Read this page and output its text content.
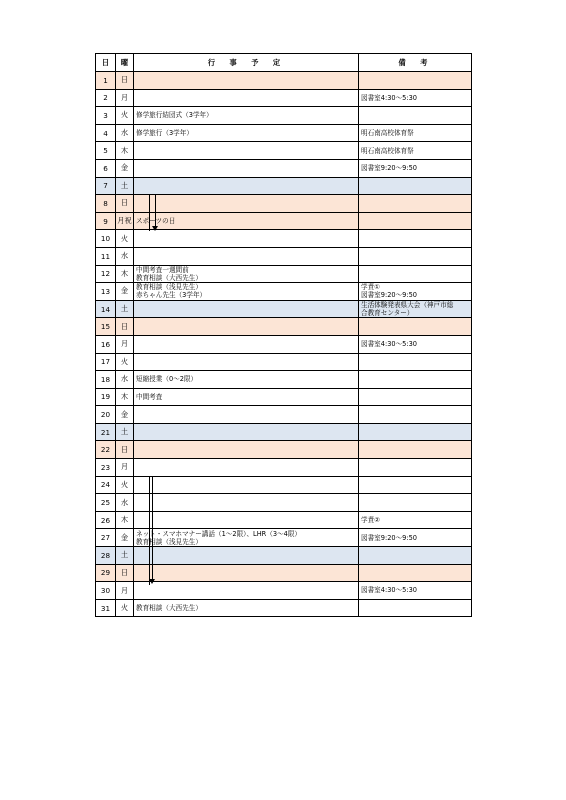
日	曜	行 事 予 定	備 考
1	日		
2	月		図書室4:30～5:30

3	火	修学旅行結団式（3学年）	

4	水	修学旅行（3学年）	明石南高校体育祭

5	木		明石南高校体育祭

6	金		図書室9:20～9:50

7	土		
8	日		
9	月祝	スポーツの日	

10	火		
11	水		
12	木	中間考査一週間前
教育相談（大西先生）	

13	金	教育相談（浅見先生）
赤ちゃん先生（3学年）	学責①
図書室9:20～9:50

14	土		生活体験発表県大会（神戸市総
合教育センター）

15	日		
16	月		図書室4:30～5:30

17	火		
18	水	短縮授業（0～2限）	

19	木	中間考査	

20	金		
21	土		
22	日		
23	月		
24	火		
25	水		
26	木		学責②

27	金	ネット・スマホマナー講話（1～2限）、LHR（3～4限）
教育相談（浅見先生）	図書室9:20～9:50

28	土		
29	日		
30	月		図書室4:30～5:30

31	火	教育相談（大西先生）	
